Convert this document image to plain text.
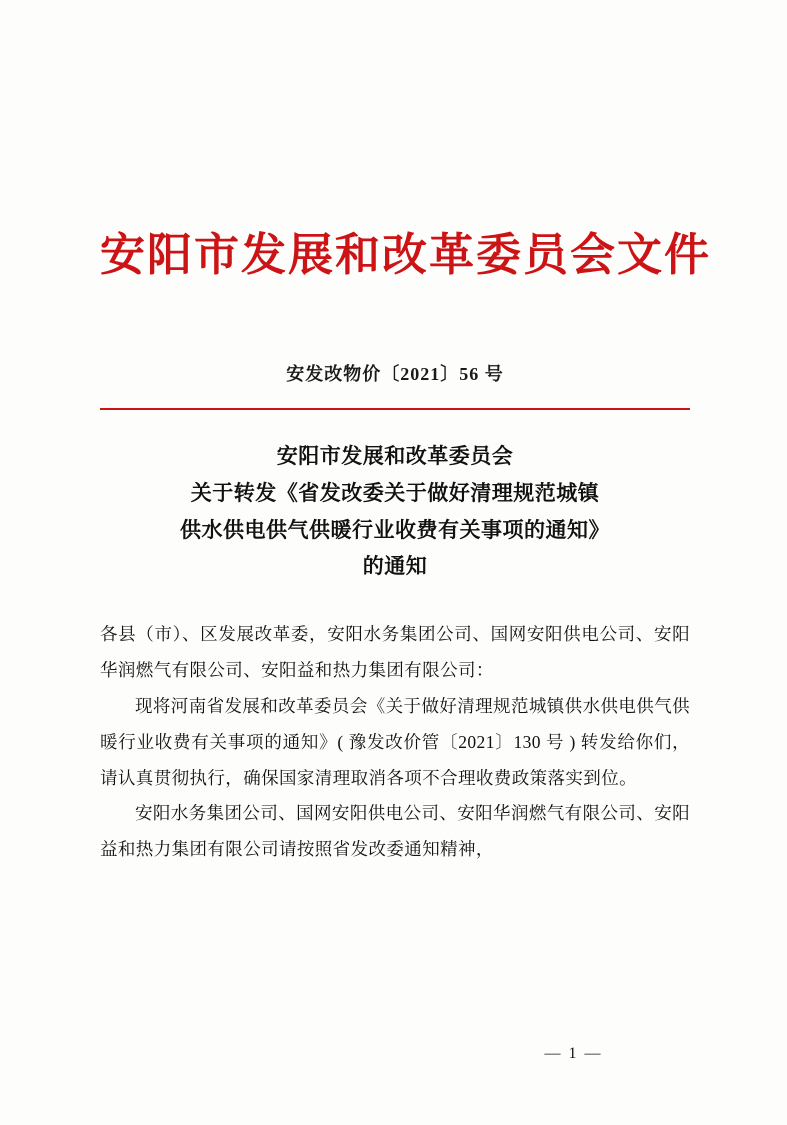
安阳市发展和改革委员会文件
安发改物价〔2021〕56 号
安阳市发展和改革委员会
关于转发《省发改委关于做好清理规范城镇
供水供电供气供暖行业收费有关事项的通知》
的通知

各县（市）、区发展改革委，安阳水务集团公司、国网安阳供电公司、安阳华润燃气有限公司、安阳益和热力集团有限公司：

现将河南省发展和改革委员会《关于做好清理规范城镇供水供电供气供暖行业收费有关事项的通知》( 豫发改价管〔2021〕130 号 ) 转发给你们，请认真贯彻执行，确保国家清理取消各项不合理收费政策落实到位。

安阳水务集团公司、国网安阳供电公司、安阳华润燃气有限公司、安阳益和热力集团有限公司请按照省发改委通知精神，

— 1 —
